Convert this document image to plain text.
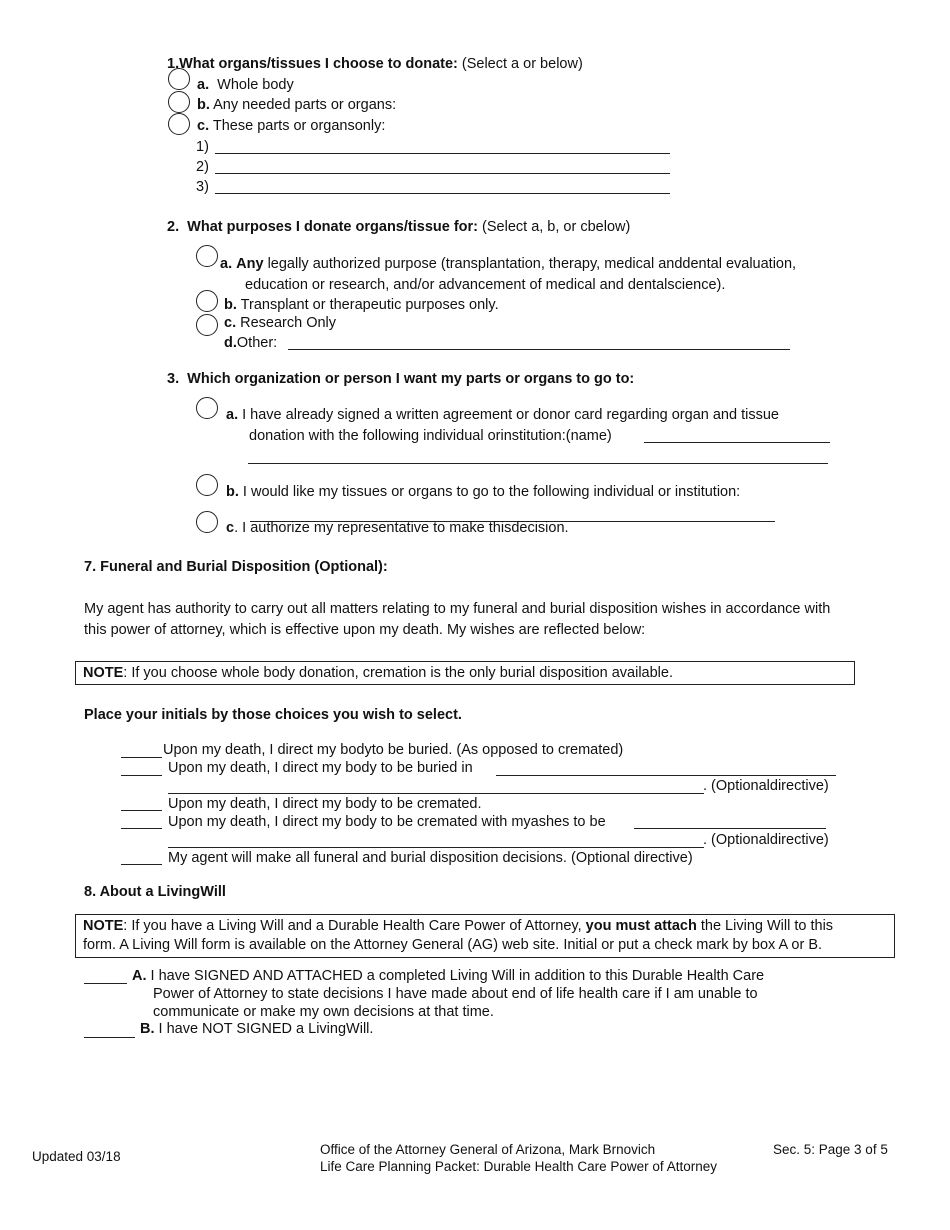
1.What organs/tissues I choose to donate: (Select a or below)
a. Whole body
b. Any needed parts or organs:
c. These parts or organsonly:
1)
2)
3)
2. What purposes I donate organs/tissue for: (Select a, b, or cbelow)
a. Any legally authorized purpose (transplantation, therapy, medical anddental evaluation,
education or research, and/or advancement of medical and dentalscience).
b. Transplant or therapeutic purposes only.
c. Research Only
d.Other:
3. Which organization or person I want my parts or organs to go to:
a. I have already signed a written agreement or donor card regarding organ and tissue
donation with the following individual orinstitution:(name)
b. I would like my tissues or organs to go to the following individual or institution:
c. I authorize my representative to make thisdecision.
7. Funeral and Burial Disposition (Optional):
My agent has authority to carry out all matters relating to my funeral and burial disposition wishes in accordance with
this power of attorney, which is effective upon my death. My wishes are reflected below:
NOTE: If you choose whole body donation, cremation is the only burial disposition available.
Place your initials by those choices you wish to select.
Upon my death, I direct my bodyto be buried. (As opposed to cremated)
Upon my death, I direct my body to be buried in
. (Optionaldirective)
Upon my death, I direct my body to be cremated.
Upon my death, I direct my body to be cremated with myashes to be
. (Optionaldirective)
My agent will make all funeral and burial disposition decisions. (Optional directive)
8. About a LivingWill
NOTE: If you have a Living Will and a Durable Health Care Power of Attorney, you must attach the Living Will to this
form. A Living Will form is available on the Attorney General (AG) web site. Initial or put a check mark by box A or B.
A. I have SIGNED AND ATTACHED a completed Living Will in addition to this Durable Health Care
Power of Attorney to state decisions I have made about end of life health care if I am unable to
communicate or make my own decisions at that time.
B. I have NOT SIGNED a LivingWill.
Updated 03/18	Office of the Attorney General of Arizona, Mark Brnovich
Life Care Planning Packet: Durable Health Care Power of Attorney
Sec. 5: Page 3 of 5
